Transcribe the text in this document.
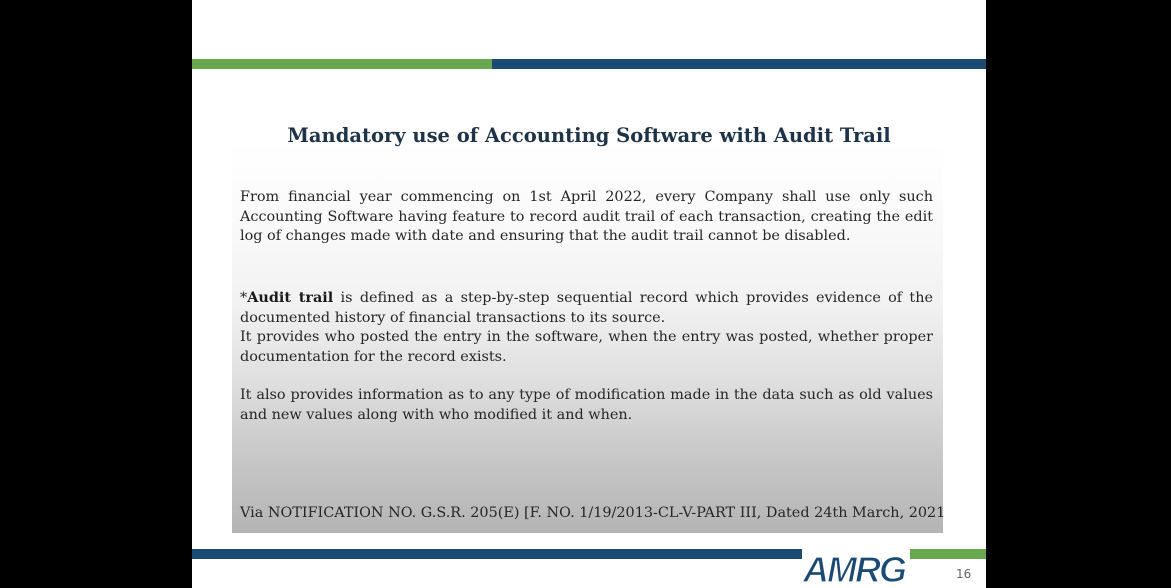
Mandatory use of Accounting Software with Audit Trail

From financial year commencing on 1st April 2022, every Company shall use only such Accounting Software having feature to record audit trail of each transaction, creating the edit log of changes made with date and ensuring that the audit trail cannot be disabled.

*Audit trail is defined as a step-by-step sequential record which provides evidence of the documented history of financial transactions to its source.
It provides who posted the entry in the software, when the entry was posted, whether proper documentation for the record exists.

It also provides information as to any type of modification made in the data such as old values and new values along with who modified it and when.

Via NOTIFICATION NO. G.S.R. 205(E) [F. NO. 1/19/2013-CL-V-PART III, Dated 24th March, 2021
AMRG	16
